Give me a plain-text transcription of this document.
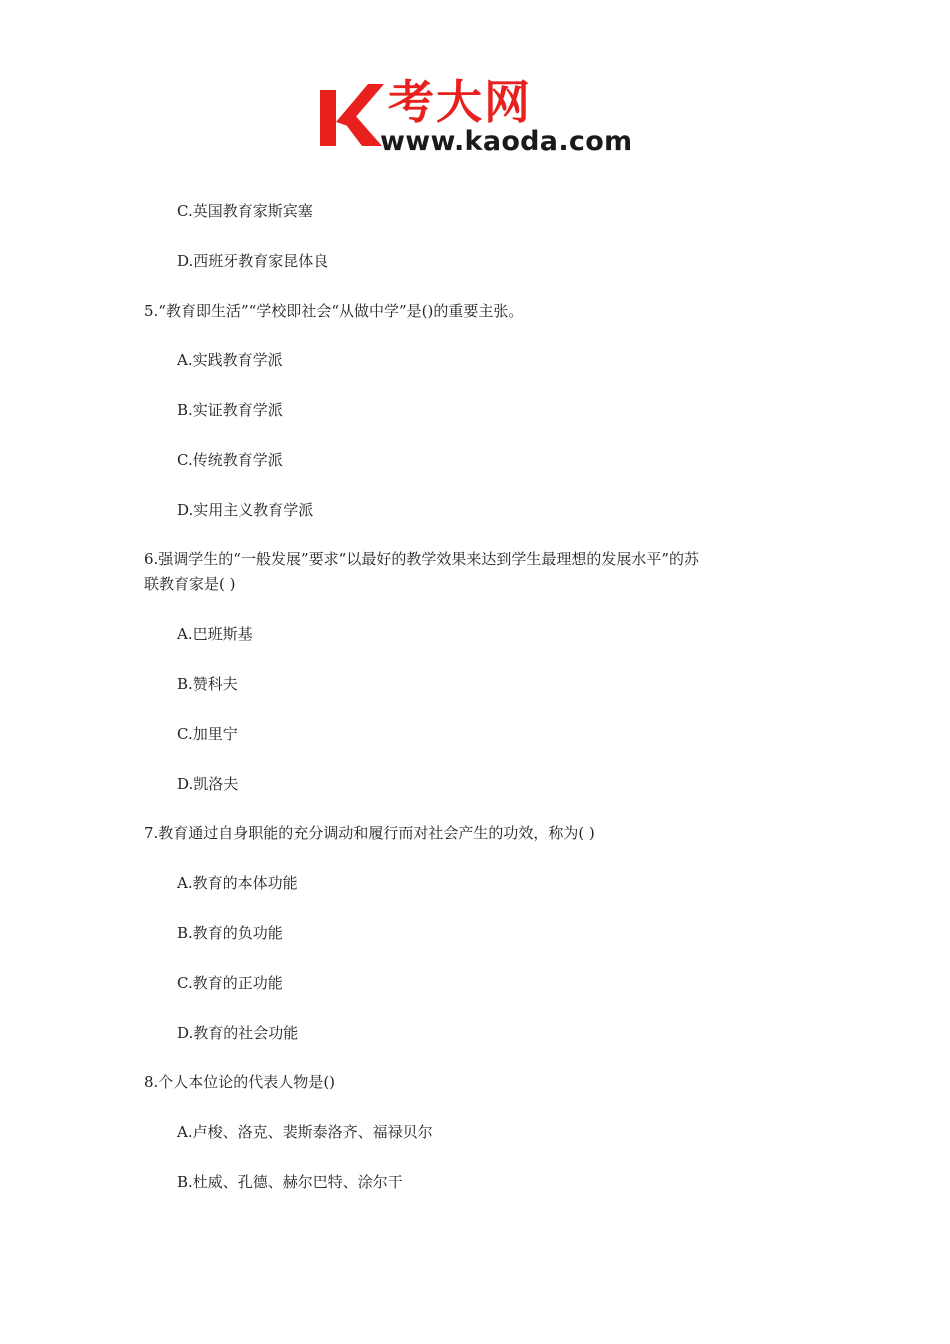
考大网
www.kaoda.com
C.英国教育家斯宾塞
D.西班牙教育家昆体良
5.“教育即生活”“学校即社会“从做中学”是()的重要主张。
A.实践教育学派
B.实证教育学派
C.传统教育学派
D.实用主义教育学派
6.强调学生的“一般发展”要求“以最好的教学效果来达到学生最理想的发展水平”的苏
联教育家是( )
A.巴班斯基
B.赞科夫
C.加里宁
D.凯洛夫
7.教育通过自身职能的充分调动和履行而对社会产生的功效，称为( )
A.教育的本体功能
B.教育的负功能
C.教育的正功能
D.教育的社会功能
8.个人本位论的代表人物是()
A.卢梭、洛克、裴斯泰洛齐、福禄贝尔
B.杜威、孔德、赫尔巴特、涂尔干
